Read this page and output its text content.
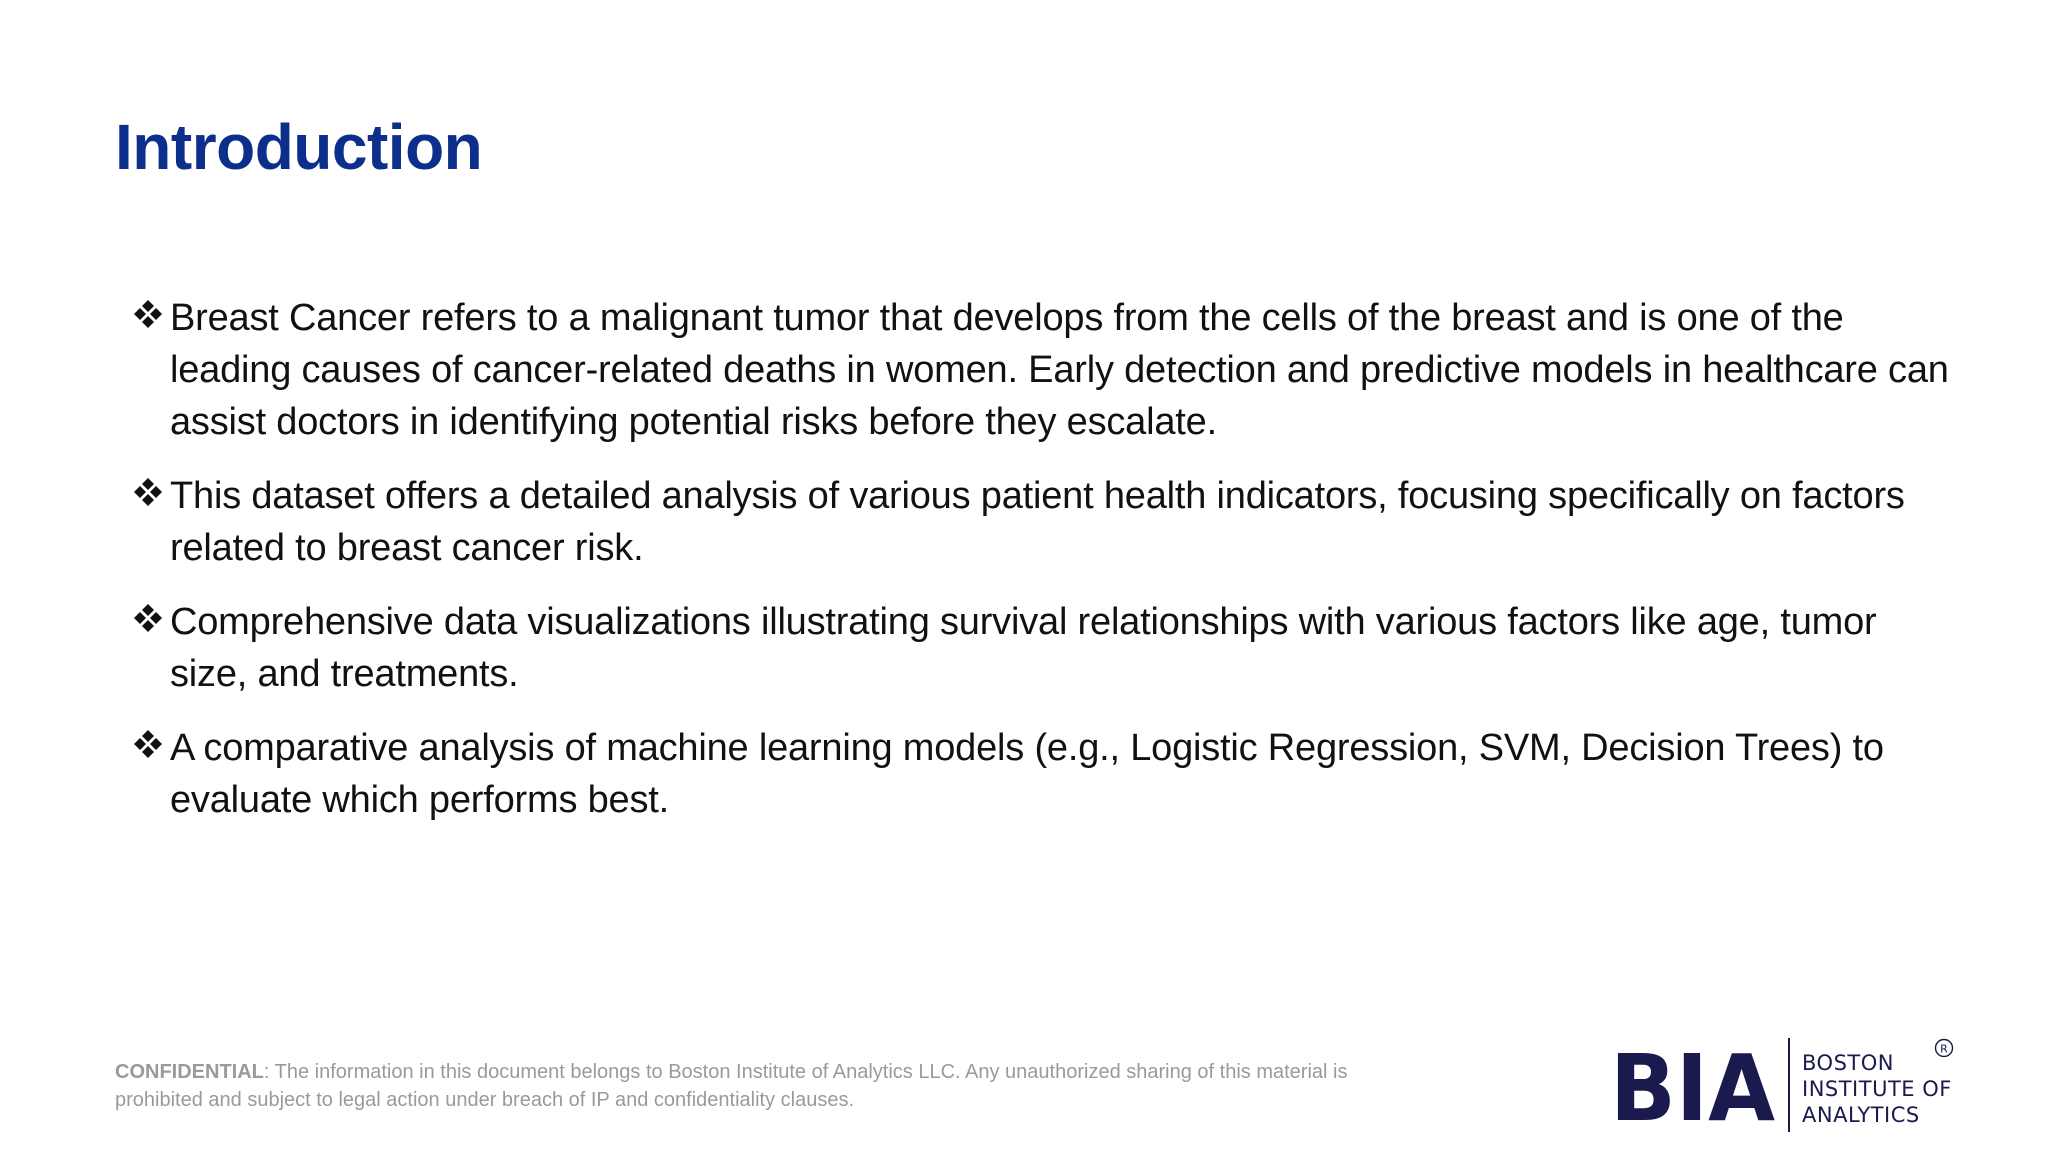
Introduction
Breast Cancer refers to a malignant tumor that develops from the cells of the breast and is one of the leading causes of cancer-related deaths in women. Early detection and predictive models in healthcare can assist doctors in identifying potential risks before they escalate.
This dataset offers a detailed analysis of various patient health indicators, focusing specifically on factors related to breast cancer risk.
Comprehensive data visualizations illustrating survival relationships with various factors like age, tumor size, and treatments.
A comparative analysis of machine learning models (e.g., Logistic Regression, SVM, Decision Trees) to evaluate which performs best.
CONFIDENTIAL: The information in this document belongs to Boston Institute of Analytics LLC. Any unauthorized sharing of this material is prohibited and subject to legal action under breach of IP and confidentiality clauses.	BIA BOSTON
INSTITUTE OF
ANALYTICS
R
